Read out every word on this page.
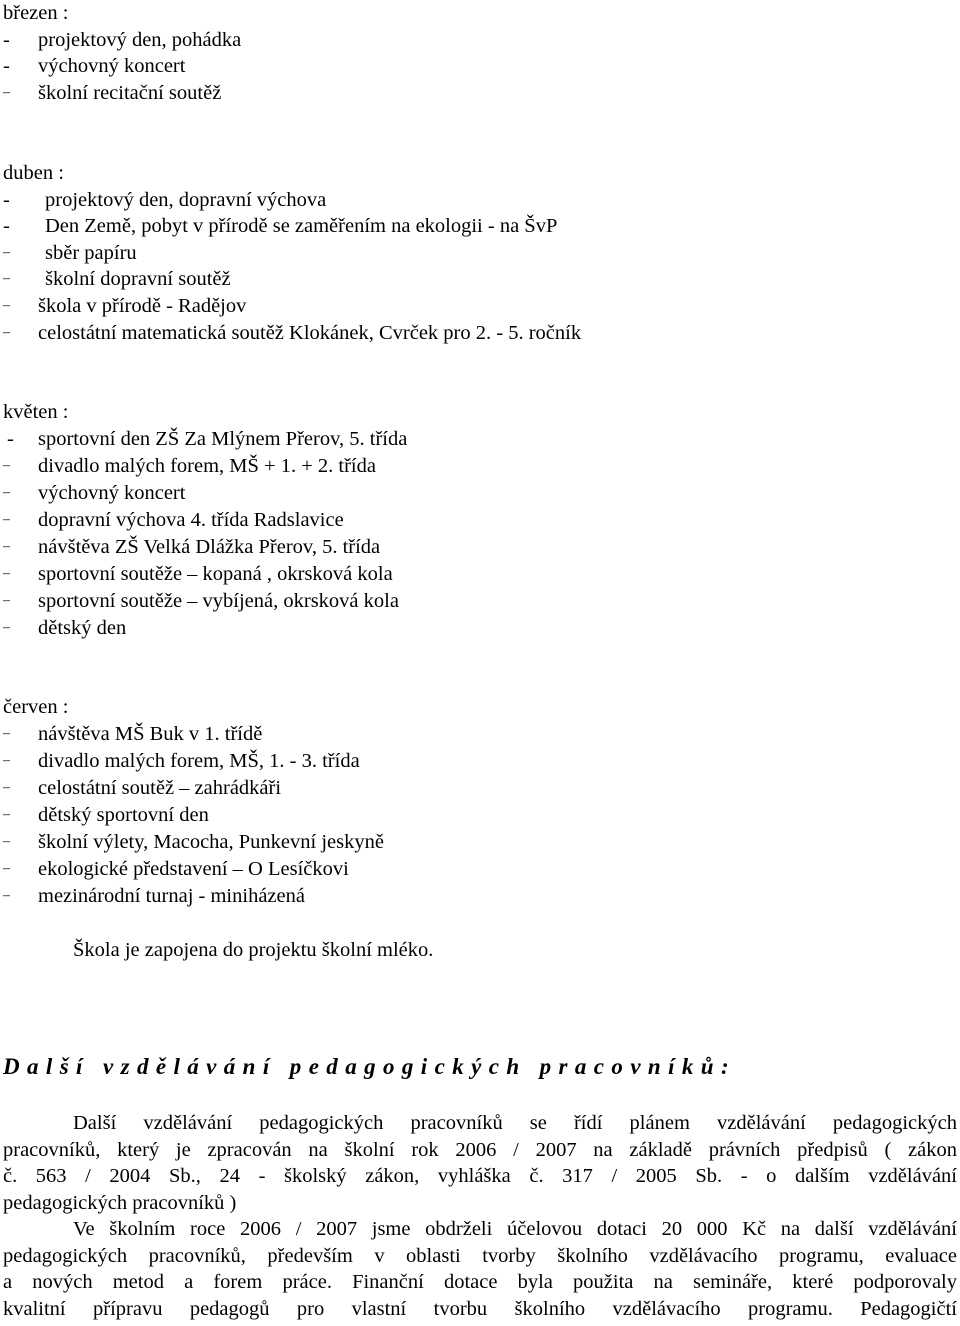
březen :
-	projektový den, pohádka
-	výchovný koncert
–	školní recitační soutěž
duben :
-	projektový den, dopravní výchova
-	Den Země, pobyt v přírodě se zaměřením na ekologii - na ŠvP
–	sběr papíru
–	školní dopravní soutěž
–	škola v přírodě - Radějov
–	celostátní matematická soutěž Klokánek, Cvrček pro 2. - 5. ročník
květen :
-	sportovní den ZŠ Za Mlýnem Přerov, 5. třída
–	divadlo malých forem, MŠ + 1. + 2. třída
–	výchovný koncert
–	dopravní výchova 4. třída Radslavice
–	návštěva ZŠ Velká Dlážka Přerov, 5. třída
–	sportovní soutěže – kopaná , okrsková kola
–	sportovní soutěže – vybíjená, okrsková kola
–	dětský den
červen :
–	návštěva MŠ Buk v 1. třídě
–	divadlo malých forem, MŠ, 1. - 3. třída
–	celostátní soutěž – zahrádkáři
–	dětský sportovní den
–	školní výlety, Macocha, Punkevní jeskyně
–	ekologické představení – O Lesíčkovi
–	mezinárodní turnaj - miniházená
Škola je zapojena do projektu školní mléko.
Další vzdělávání pedagogických pracovníků:
Další vzdělávání pedagogických pracovníků se řídí plánem vzdělávání pedagogických
pracovníků, který je zpracován na školní rok 2006 / 2007 na základě právních předpisů ( zákon
č. 563 / 2004 Sb., 24 - školský zákon, vyhláška č. 317 / 2005 Sb. - o dalším vzdělávání
pedagogických pracovníků )
Ve školním roce 2006 / 2007 jsme obdrželi účelovou dotaci 20 000 Kč na další vzdělávání
pedagogických pracovníků, především v oblasti tvorby školního vzdělávacího programu, evaluace
a nových metod a forem práce. Finanční dotace byla použita na semináře, které podporovaly
kvalitní přípravu pedagogů pro vlastní tvorbu školního vzdělávacího programu. Pedagogičtí
